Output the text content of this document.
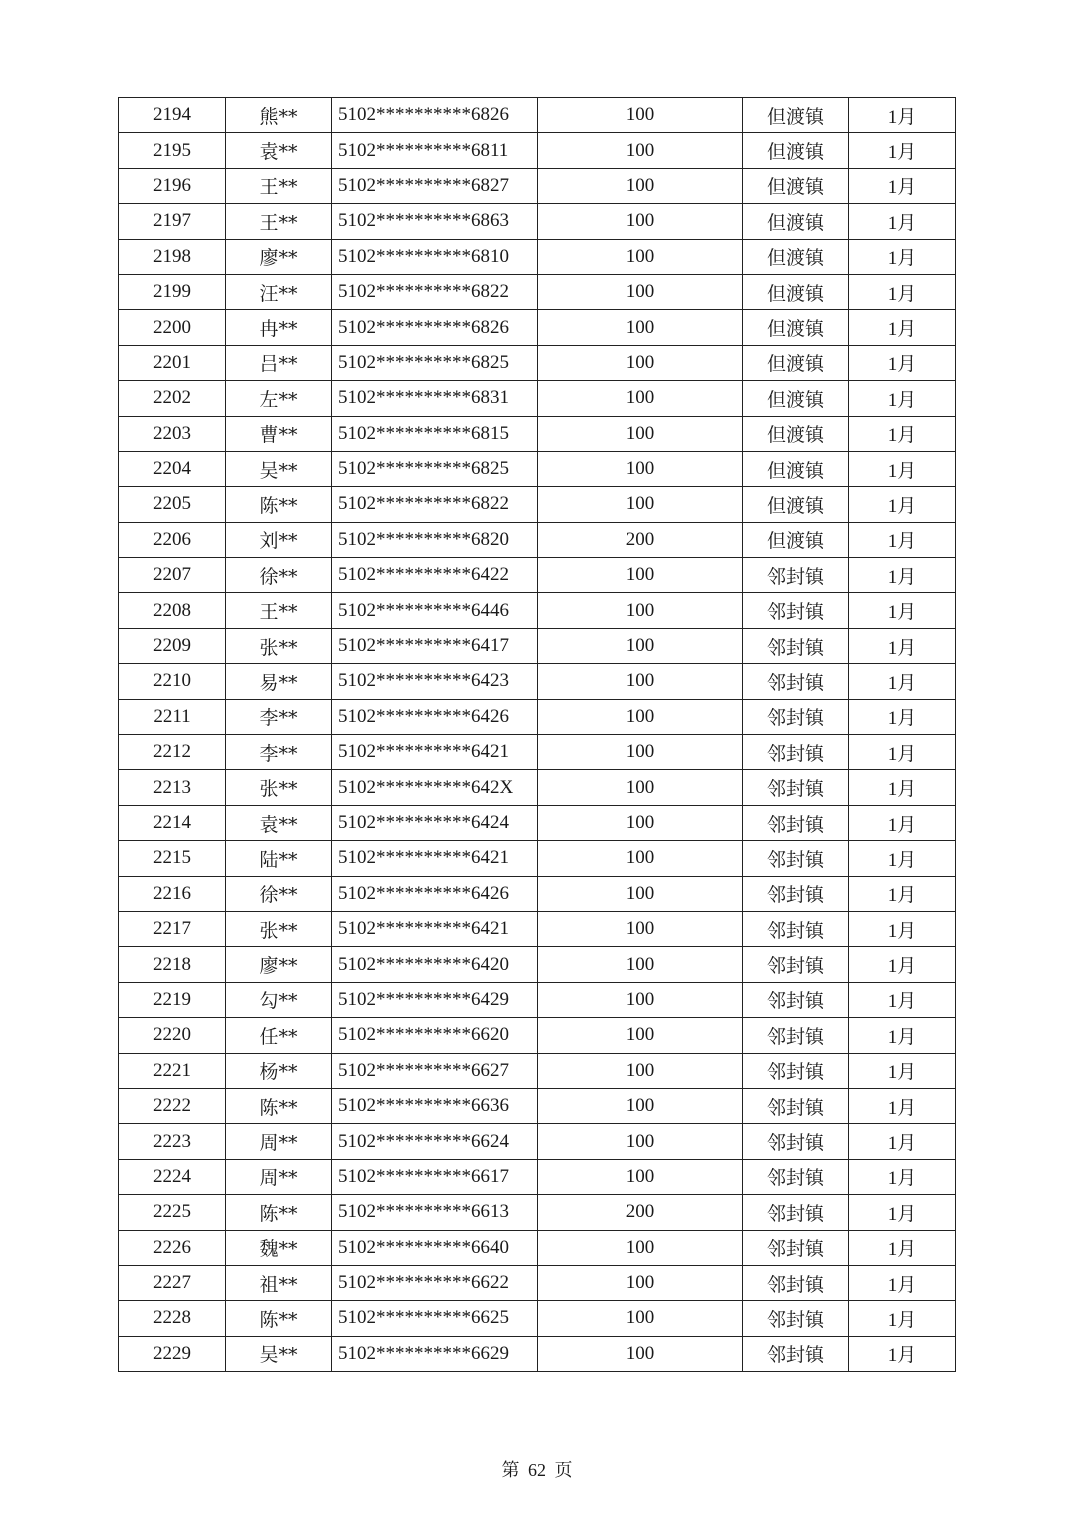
2194	熊**	5102**********6826	100	但渡镇	1月
2195	袁**	5102**********6811	100	但渡镇	1月
2196	王**	5102**********6827	100	但渡镇	1月
2197	王**	5102**********6863	100	但渡镇	1月
2198	廖**	5102**********6810	100	但渡镇	1月
2199	汪**	5102**********6822	100	但渡镇	1月
2200	冉**	5102**********6826	100	但渡镇	1月
2201	吕**	5102**********6825	100	但渡镇	1月
2202	左**	5102**********6831	100	但渡镇	1月
2203	曹**	5102**********6815	100	但渡镇	1月
2204	吴**	5102**********6825	100	但渡镇	1月
2205	陈**	5102**********6822	100	但渡镇	1月
2206	刘**	5102**********6820	200	但渡镇	1月
2207	徐**	5102**********6422	100	邻封镇	1月
2208	王**	5102**********6446	100	邻封镇	1月
2209	张**	5102**********6417	100	邻封镇	1月
2210	易**	5102**********6423	100	邻封镇	1月
2211	李**	5102**********6426	100	邻封镇	1月
2212	李**	5102**********6421	100	邻封镇	1月
2213	张**	5102**********642X	100	邻封镇	1月
2214	袁**	5102**********6424	100	邻封镇	1月
2215	陆**	5102**********6421	100	邻封镇	1月
2216	徐**	5102**********6426	100	邻封镇	1月
2217	张**	5102**********6421	100	邻封镇	1月
2218	廖**	5102**********6420	100	邻封镇	1月
2219	勾**	5102**********6429	100	邻封镇	1月
2220	任**	5102**********6620	100	邻封镇	1月
2221	杨**	5102**********6627	100	邻封镇	1月
2222	陈**	5102**********6636	100	邻封镇	1月
2223	周**	5102**********6624	100	邻封镇	1月
2224	周**	5102**********6617	100	邻封镇	1月
2225	陈**	5102**********6613	200	邻封镇	1月
2226	魏**	5102**********6640	100	邻封镇	1月
2227	祖**	5102**********6622	100	邻封镇	1月
2228	陈**	5102**********6625	100	邻封镇	1月
2229	吴**	5102**********6629	100	邻封镇	1月
第 62 页
